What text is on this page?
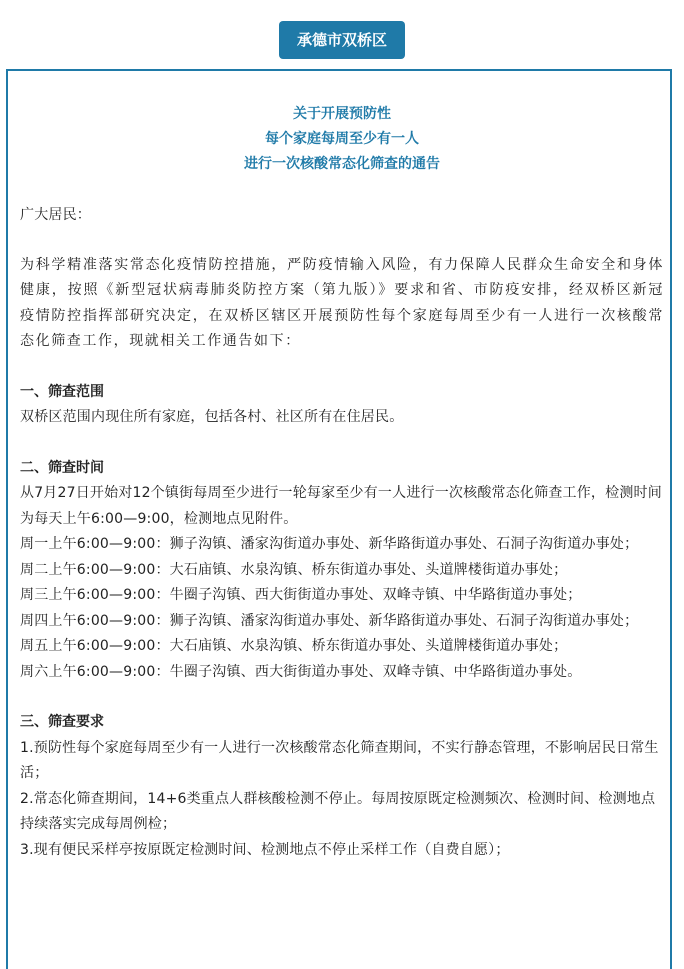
承德市双桥区

关于开展预防性

每个家庭每周至少有一人

进行一次核酸常态化筛查的通告

广大居民：

为科学精准落实常态化疫情防控措施，严防疫情输入风险，有力保障人民群众生命安全和身体健康，按照《新型冠状病毒肺炎防控方案（第九版）》要求和省、市防疫安排，经双桥区新冠疫情防控指挥部研究决定，在双桥区辖区开展预防性每个家庭每周至少有一人进行一次核酸常态化筛查工作，现就相关工作通告如下：

一、筛查范围

双桥区范围内现住所有家庭，包括各村、社区所有在住居民。

二、筛查时间

从7月27日开始对12个镇街每周至少进行一轮每家至少有一人进行一次核酸常态化筛查工作，检测时间为每天上午6:00—9:00，检测地点见附件。

周一上午6:00—9:00：狮子沟镇、潘家沟街道办事处、新华路街道办事处、石洞子沟街道办事处；

周二上午6:00—9:00：大石庙镇、水泉沟镇、桥东街道办事处、头道牌楼街道办事处；

周三上午6:00—9:00：牛圈子沟镇、西大街街道办事处、双峰寺镇、中华路街道办事处；

周四上午6:00—9:00：狮子沟镇、潘家沟街道办事处、新华路街道办事处、石洞子沟街道办事处；

周五上午6:00—9:00：大石庙镇、水泉沟镇、桥东街道办事处、头道牌楼街道办事处；

周六上午6:00—9:00：牛圈子沟镇、西大街街道办事处、双峰寺镇、中华路街道办事处。

三、筛查要求

1.预防性每个家庭每周至少有一人进行一次核酸常态化筛查期间，不实行静态管理，不影响居民日常生活；

2.常态化筛查期间，14+6类重点人群核酸检测不停止。每周按原既定检测频次、检测时间、检测地点持续落实完成每周例检；

3.现有便民采样亭按原既定检测时间、检测地点不停止采样工作（自费自愿）；
